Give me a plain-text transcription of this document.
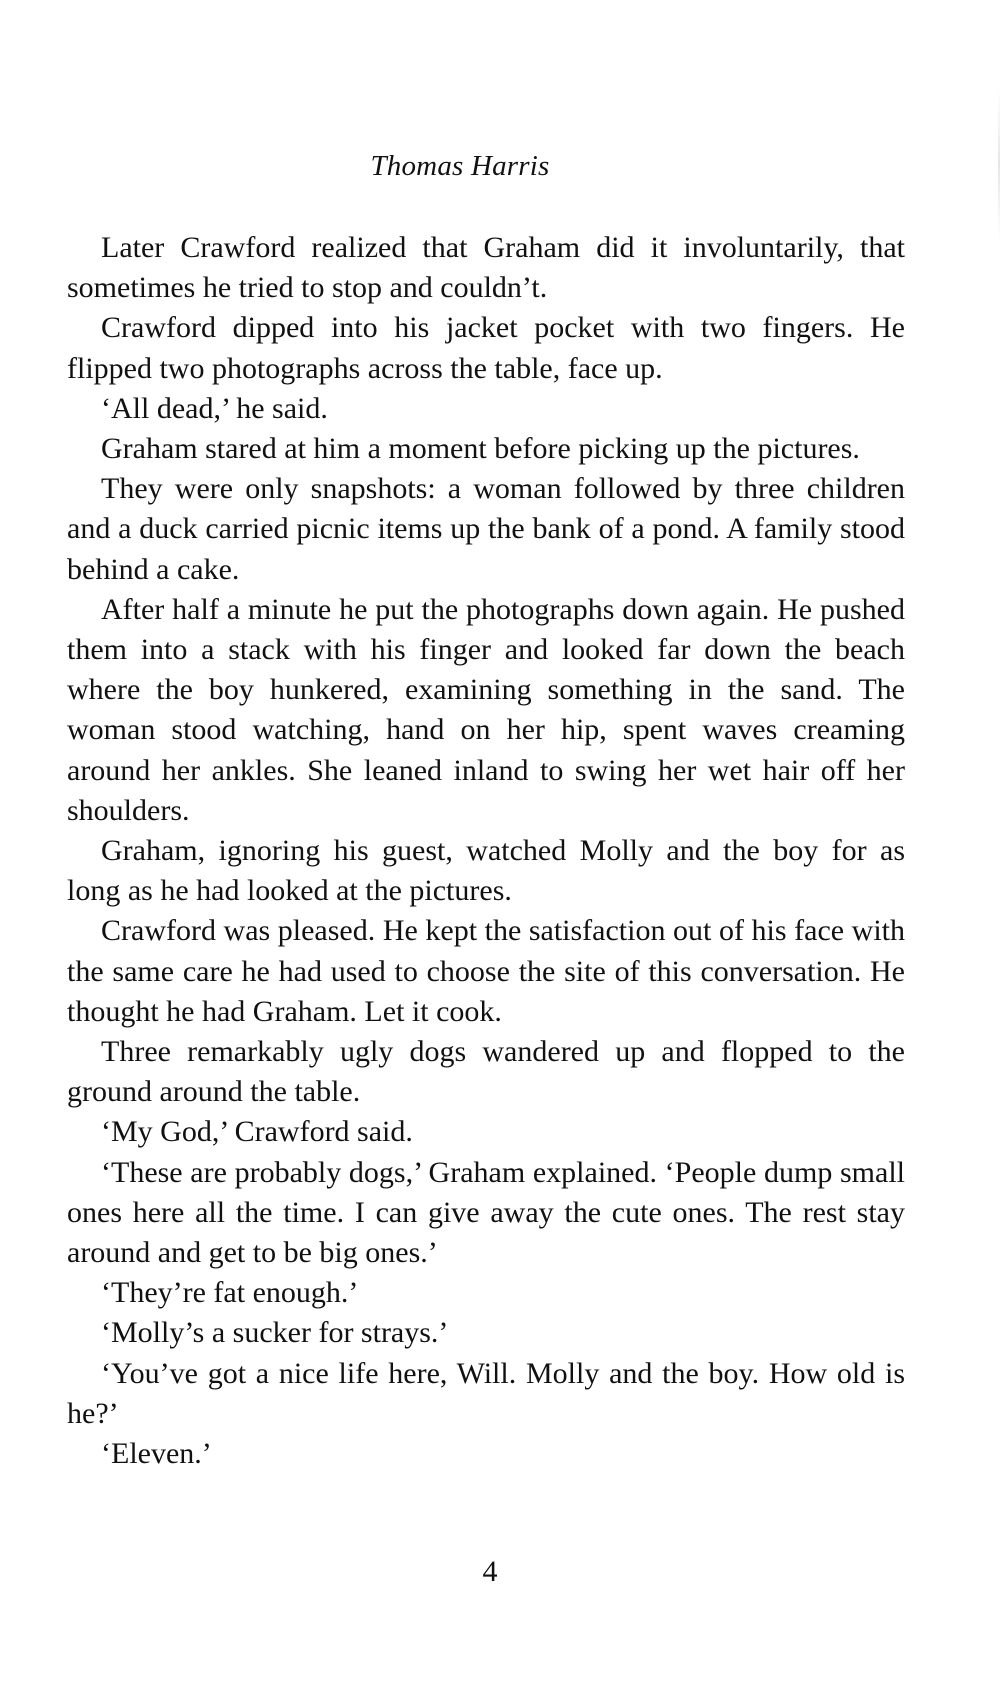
Thomas Harris

Later Crawford realized that Graham did it involuntarily, that sometimes he tried to stop and couldn’t.

Crawford dipped into his jacket pocket with two fingers. He flipped two photographs across the table, face up.

‘All dead,’ he said.

Graham stared at him a moment before picking up the pictures.

They were only snapshots: a woman followed by three children and a duck carried picnic items up the bank of a pond. A family stood behind a cake.

After half a minute he put the photographs down again. He pushed them into a stack with his finger and looked far down the beach where the boy hunkered, examining something in the sand. The woman stood watching, hand on her hip, spent waves creaming around her ankles. She leaned inland to swing her wet hair off her shoulders.

Graham, ignoring his guest, watched Molly and the boy for as long as he had looked at the pictures.

Crawford was pleased. He kept the satisfaction out of his face with the same care he had used to choose the site of this conversation. He thought he had Graham. Let it cook.

Three remarkably ugly dogs wandered up and flopped to the ground around the table.

‘My God,’ Crawford said.

‘These are probably dogs,’ Graham explained. ‘People dump small ones here all the time. I can give away the cute ones. The rest stay around and get to be big ones.’

‘They’re fat enough.’

‘Molly’s a sucker for strays.’

‘You’ve got a nice life here, Will. Molly and the boy. How old is he?’

‘Eleven.’

4
